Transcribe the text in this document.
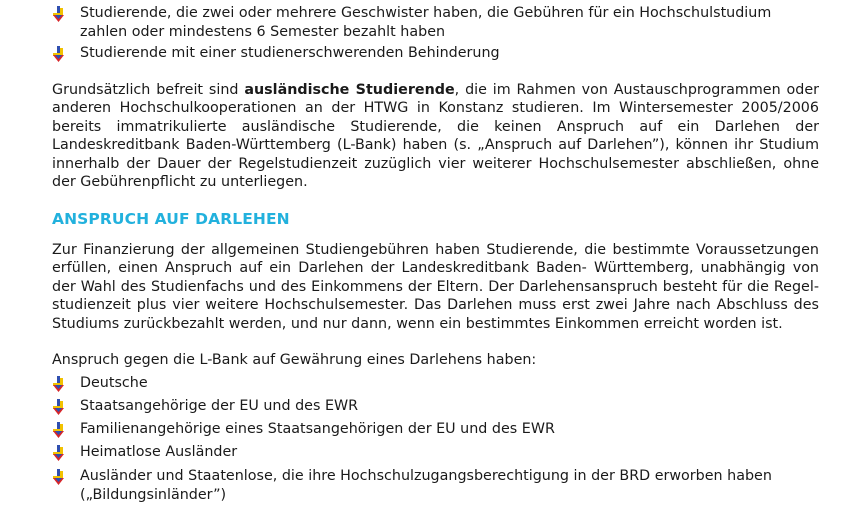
Studierende, die zwei oder mehrere Geschwister haben, die Gebühren für ein Hochschulstudium zahlen oder mindestens 6 Semester bezahlt haben
Studierende mit einer studienerschwerenden Behinderung
Grundsätzlich befreit sind ausländische Studierende, die im Rahmen von Austauschprogrammen oder anderen Hochschulkooperationen an der HTWG in Konstanz studieren. Im Wintersemester 2005/2006 bereits immatrikulierte ausländische Studierende, die keinen Anspruch auf ein Darlehen der Landeskreditbank Baden-Württemberg (L-Bank) haben (s. „Anspruch auf Darlehen”), können ihr Studium innerhalb der Dauer der Regelstudienzeit zuzüglich vier weiterer Hochschulsemester abschließen, ohne der Gebührenpflicht zu unterliegen.
ANSPRUCH AUF DARLEHEN
Zur Finanzierung der allgemeinen Studiengebühren haben Studierende, die bestimmte Voraussetzungen erfüllen, einen Anspruch auf ein Darlehen der Landeskreditbank Baden- Württemberg, unabhängig von der Wahl des Studienfachs und des Einkommens der Eltern. Der Darlehensanspruch besteht für die Regelstudienzeit plus vier weitere Hochschulsemester. Das Darlehen muss erst zwei Jahre nach Abschluss des Studiums zurückbezahlt werden, und nur dann, wenn ein bestimmtes Einkommen erreicht worden ist.
Anspruch gegen die L-Bank auf Gewährung eines Darlehens haben:
Deutsche
Staatsangehörige der EU und des EWR
Familienangehörige eines Staatsangehörigen der EU und des EWR
Heimatlose Ausländer
Ausländer und Staatenlose, die ihre Hochschulzugangsberechtigung in der BRD erworben haben („Bildungsinländer”)
